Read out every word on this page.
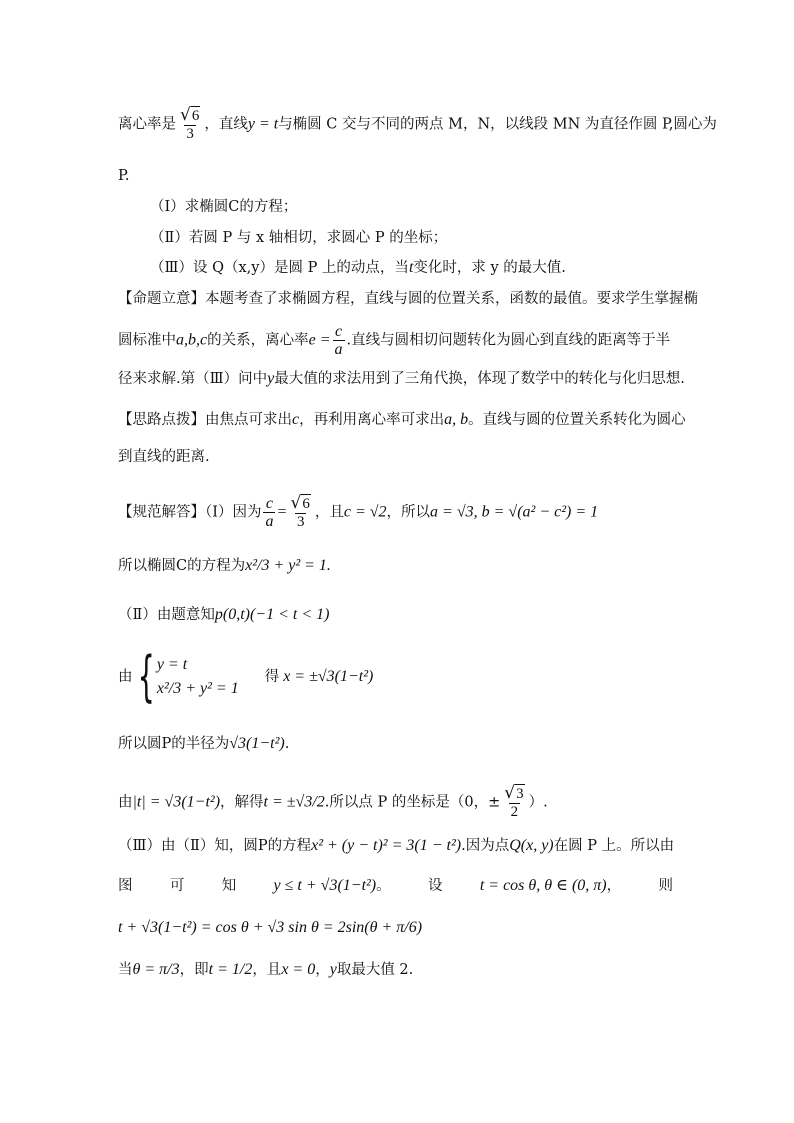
离心率是 $\frac{√ 6}{3}$ ，直线y = t与椭圆 C 交与不同的两点 M，N，以线段 MN 为直径作圆 P,圆心为
P.
（Ⅰ）求椭圆C的方程；
（Ⅱ）若圆 P 与 x 轴相切，求圆心 P 的坐标；
（Ⅲ）设 Q（x,y）是圆 P 上的动点，当t变化时，求 y 的最大值.
【命题立意】本题考查了求椭圆方程，直线与圆的位置关系，函数的最值。要求学生掌握椭
圆标准中a,b,c的关系，离心率$e = \frac{c}{a}$ .直线与圆相切问题转化为圆心到直线的距离等于半
径来求解.第（Ⅲ）问中y最大值的求法用到了三角代换，体现了数学中的转化与化归思想.
【思路点拨】由焦点可求出c，再利用离心率可求出a, b。直线与圆的位置关系转化为圆心
到直线的距离.
【规范解答】（Ⅰ）因为 $\frac{c}{a} = \frac{√ 6}{3}$ ，且c = √2，所以a = √3, b = √(a² − c²) = 1
所以椭圆C的方程为x²/3 + y² = 1.
（Ⅱ）由题意知p(0,t)(−1 < t < 1)
由 { y = t
x²/3 + y² = 1
得 x = ±√3(1−t²)
所以圆P的半径为√3(1−t²).
由|t| = √3(1−t²)，解得t = ±√3/2.所以点 P 的坐标是（0，± $\frac{√ 3}{2}$ ）.
（Ⅲ）由（Ⅱ）知，圆P的方程x² + (y − t)² = 3(1 − t²).因为点Q(x, y)在圆 P 上。所以由
图	可	知 y ≤ t + √3(1−t²)。	设 t = cos θ, θ ∈ (0, π)，	则
t + √3(1−t²) = cos θ + √3 sin θ = 2sin(θ + π/6)
当θ = π/3，即t = 1/2，且x = 0，y取最大值 2.
